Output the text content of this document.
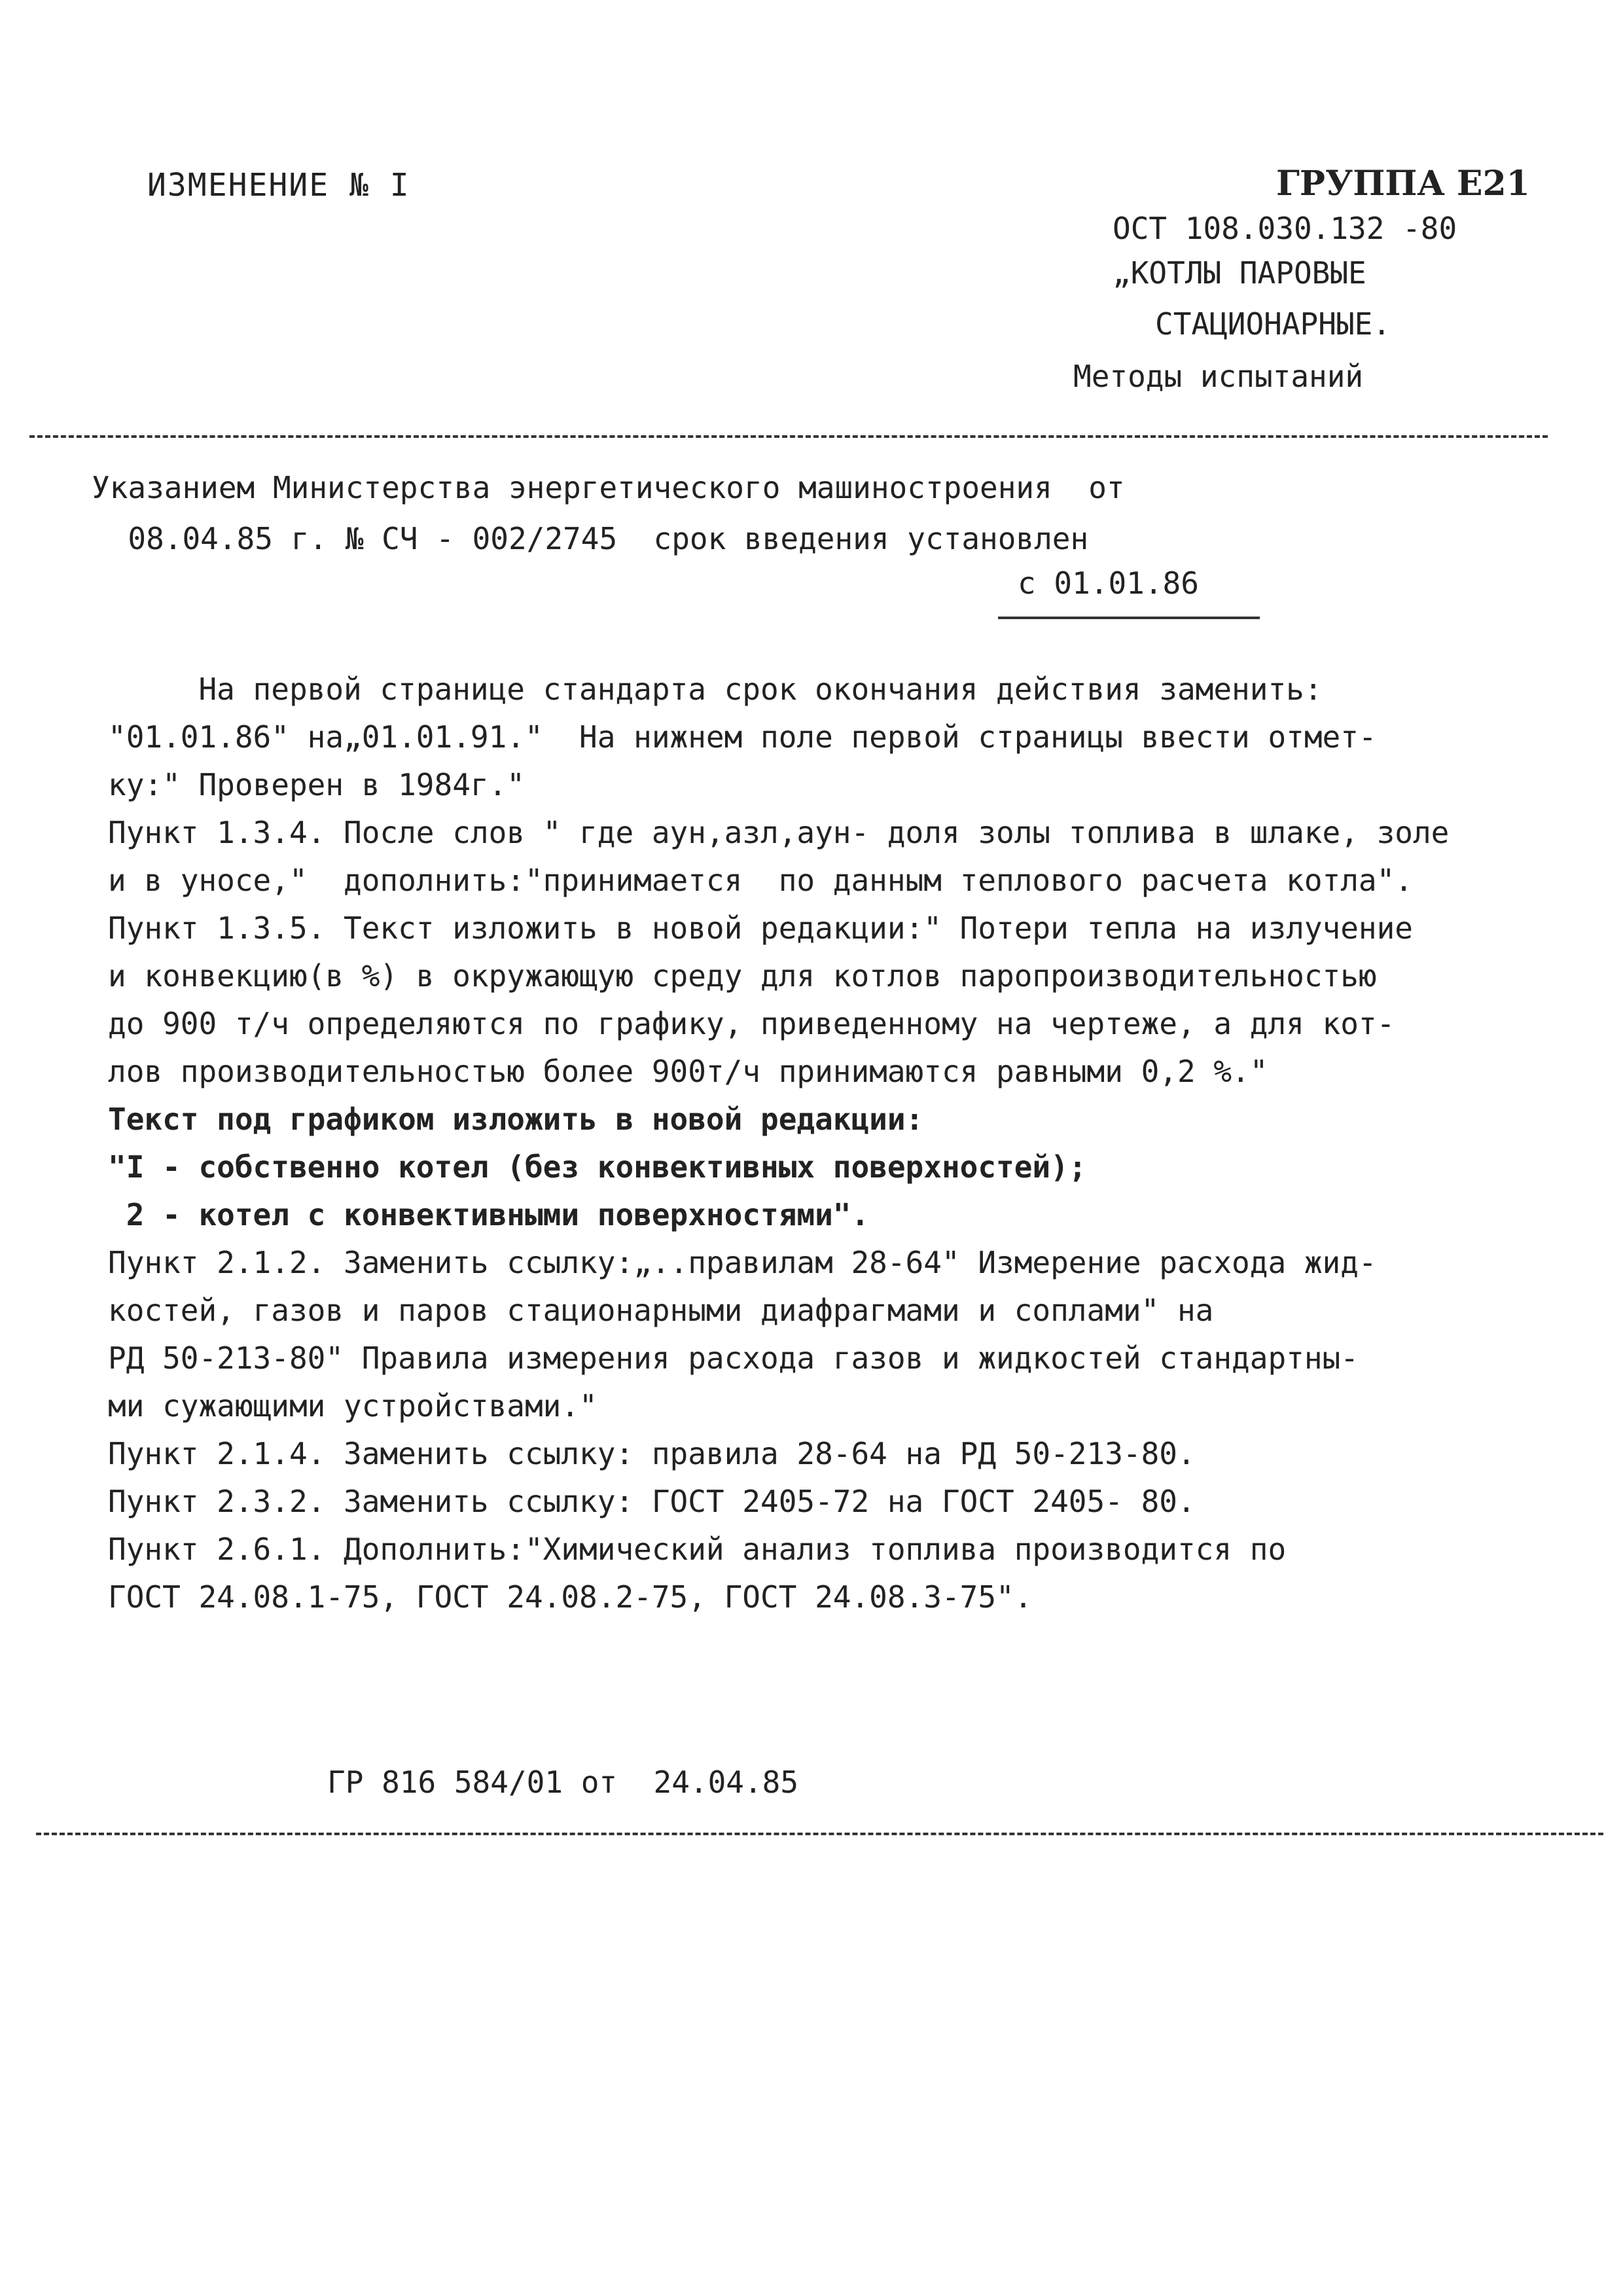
ИЗМЕНЕНИЕ № I	ГРУППА Е21
ОСТ 108.030.132 -80
„КОТЛЫ ПАРОВЫЕ
СТАЦИОНАРНЫЕ.
Методы испытаний
Указанием Министерства энергетического машиностроения  от
08.04.85 г. № СЧ - 002/2745  срок введения установлен
с 01.01.86
На первой странице стандарта срок окончания действия заменить:
"01.01.86" на„01.01.91."  На нижнем поле первой страницы ввести отмет-
ку:" Проверен в 1984г."
Пункт 1.3.4. После слов " где aун,aзл,aун- доля золы топлива в шлаке, золе
и в уносе,"  дополнить:"принимается  по данным теплового расчета котла".
Пункт 1.3.5. Текст изложить в новой редакции:" Потери тепла на излучение
и конвекцию(в %) в окружающую среду для котлов паропроизводительностью
до 900 т/ч определяются по графику, приведенному на чертеже, а для кот-
лов производительностью более 900т/ч принимаются равными 0,2 %."
Текст под графиком изложить в новой редакции:
"I - собственно котел (без конвективных поверхностей);
2 - котел с конвективными поверхностями".
Пункт 2.1.2. Заменить ссылку:„..правилам 28-64" Измерение расхода жид-
костей, газов и паров стационарными диафрагмами и соплами" на
РД 50-213-80" Правила измерения расхода газов и жидкостей стандартны-
ми сужающими устройствами."
Пункт 2.1.4. Заменить ссылку: правила 28-64 на РД 50-213-80.
Пункт 2.3.2. Заменить ссылку: ГОСТ 2405-72 на ГОСТ 2405- 80.
Пункт 2.6.1. Дополнить:"Химический анализ топлива производится по
ГОСТ 24.08.1-75, ГОСТ 24.08.2-75, ГОСТ 24.08.3-75".
ГР 816 584/01 от  24.04.85
